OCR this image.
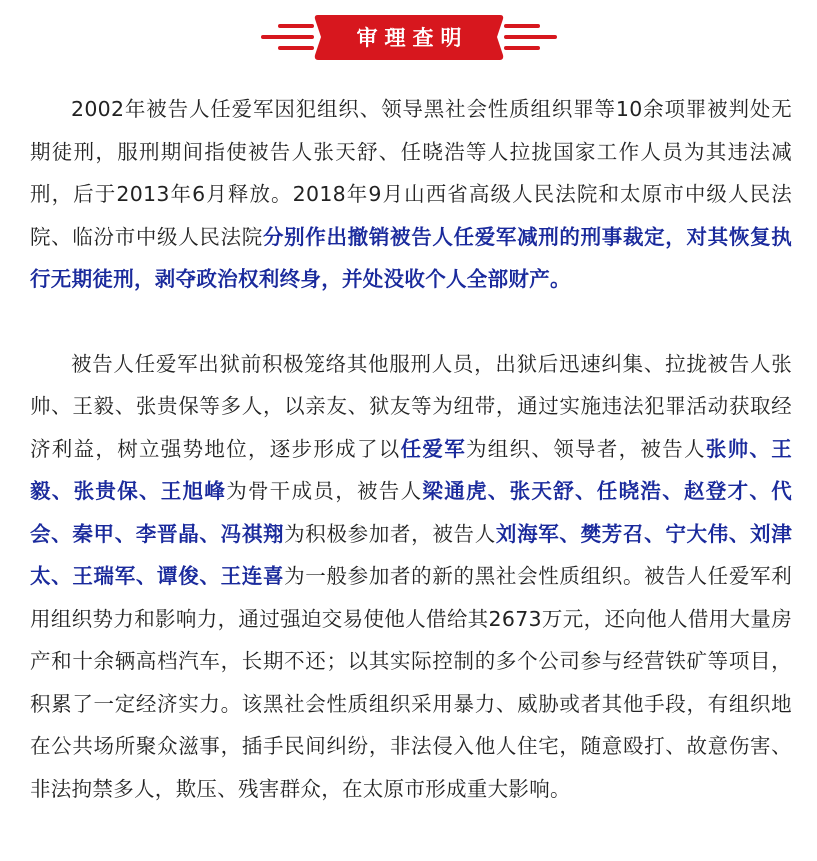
审理查明

2002年被告人任爱军因犯组织、领导黑社会性质组织罪等10余项罪被判处无期徒刑，服刑期间指使被告人张天舒、任晓浩等人拉拢国家工作人员为其违法减刑，后于2013年6月释放。2018年9月山西省高级人民法院和太原市中级人民法院、临汾市中级人民法院分别作出撤销被告人任爱军减刑的刑事裁定，对其恢复执行无期徒刑，剥夺政治权利终身，并处没收个人全部财产。

被告人任爱军出狱前积极笼络其他服刑人员，出狱后迅速纠集、拉拢被告人张帅、王毅、张贵保等多人，以亲友、狱友等为纽带，通过实施违法犯罪活动获取经济利益，树立强势地位，逐步形成了以任爱军为组织、领导者，被告人张帅、王毅、张贵保、王旭峰为骨干成员，被告人梁通虎、张天舒、任晓浩、赵登才、代会、秦甲、李晋晶、冯祺翔为积极参加者，被告人刘海军、樊芳召、宁大伟、刘津太、王瑞军、谭俊、王连喜为一般参加者的新的黑社会性质组织。被告人任爱军利用组织势力和影响力，通过强迫交易使他人借给其2673万元，还向他人借用大量房产和十余辆高档汽车，长期不还；以其实际控制的多个公司参与经营铁矿等项目，积累了一定经济实力。该黑社会性质组织采用暴力、威胁或者其他手段，有组织地在公共场所聚众滋事，插手民间纠纷，非法侵入他人住宅，随意殴打、故意伤害、非法拘禁多人，欺压、残害群众，在太原市形成重大影响。
